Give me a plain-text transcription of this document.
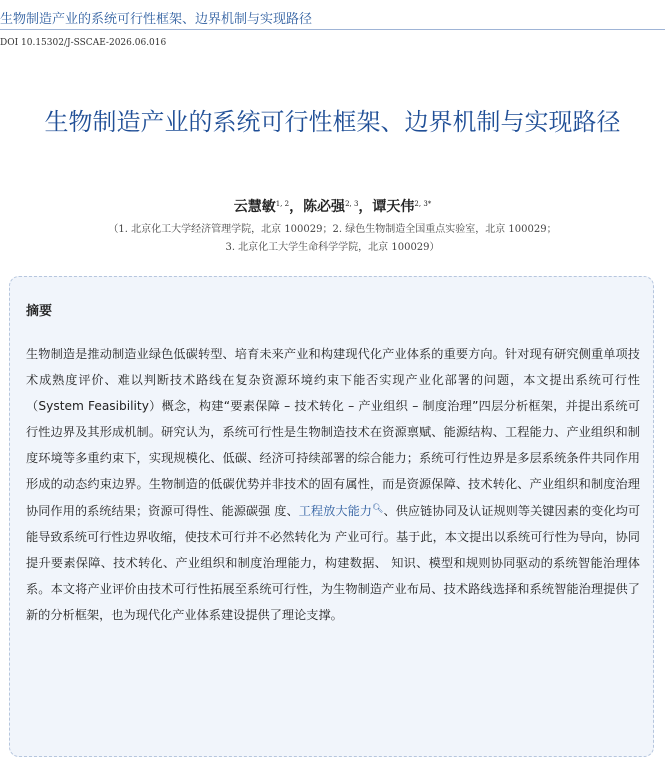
生物制造产业的系统可行性框架、边界机制与实现路径
DOI 10.15302/J-SSCAE-2026.06.016
生物制造产业的系统可行性框架、边界机制与实现路径
云慧敏$^{1, 2}$，陈必强$^{2, 3}$，谭天伟$^{2, 3*}$
（1. 北京化工大学经济管理学院，北京 100029；2. 绿色生物制造全国重点实验室，北京 100029；
3. 北京化工大学生命科学学院，北京 100029）
摘要

生物制造是推动制造业绿色低碳转型、培育未来产业和构建现代化产业体系的重要方向。针对现有研究侧重单项技术成熟度评价、难以判断技术路线在复杂资源环境约束下能否实现产业化部署的问题，本文提出系统可行性（System Feasibility）概念，构建“要素保障 – 技术转化 – 产业组织 – 制度治理”四层分析框架，并提出系统可行性边界及其形成机制。研究认为，系统可行性是生物制造技术在资源禀赋、能源结构、工程能力、产业组织和制度环境等多重约束下，实现规模化、低碳、经济可持续部署的综合能力；系统可行性边界是多层系统条件共同作用形成的动态约束边界。生物制造的低碳优势并非技术的固有属性，而是资源保障、技术转化、产业组织和制度治理协同作用的系统结果；资源可得性、能源碳强 度、工程放大能力🔍︎、供应链协同及认证规则等关键因素的变化均可能导致系统可行性边界收缩，使技术可行并不必然转化为 产业可行。基于此，本文提出以系统可行性为导向，协同提升要素保障、技术转化、产业组织和制度治理能力，构建数据、 知识、模型和规则协同驱动的系统智能治理体系。本文将产业评价由技术可行性拓展至系统可行性，为生物制造产业布局、技术路线选择和系统智能治理提供了新的分析框架，也为现代化产业体系建设提供了理论支撑。
